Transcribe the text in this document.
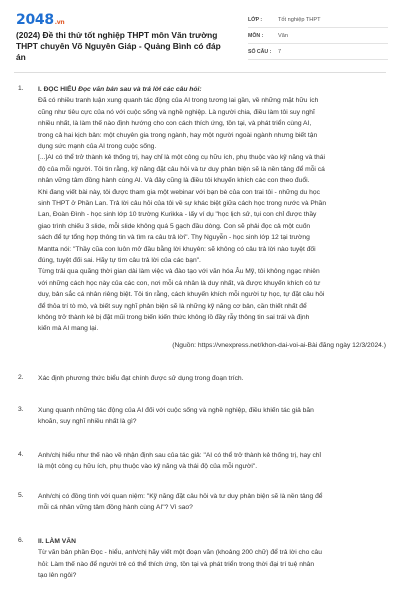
2048.vn
(2024) Đề thi thử tốt nghiệp THPT môn Văn trường THPT chuyên Võ Nguyên Giáp - Quảng Bình có đáp án
LỚP :	Tốt nghiệp THPT
MÔN :	Văn
SỐ CÂU :	7
1. I. ĐỌC HIỂU Đọc văn bản sau và trả lời các câu hỏi:
Đã có nhiều tranh luận xung quanh tác động của AI trong tương lai gần, về những mặt hữu ích
cũng như tiêu cực của nó với cuộc sống và nghề nghiệp. Là người chia, điều làm tôi suy nghĩ
nhiều nhất, là làm thế nào định hướng cho con cách thích ứng, tồn tại, và phát triển cùng AI,
trong cả hai kịch bản: một chuyên gia trong ngành, hay một người ngoài ngành nhưng biết tận
dụng sức mạnh của AI trong cuộc sống.
[...]AI có thể trở thành kẻ thống trị, hay chỉ là một công cụ hữu ích, phụ thuộc vào kỹ năng và thái
độ của mỗi người. Tôi tin rằng, kỹ năng đặt câu hỏi và tư duy phản biện sẽ là nền tảng để mỗi cá
nhân vững tâm đồng hành cùng AI. Và đây cũng là điều tôi khuyến khích các con theo đuổi.
Khi đang viết bài này, tôi được tham gia một webinar với bạn bè của con trai tôi - những du học
sinh THPT ở Phần Lan. Trả lời câu hỏi của tôi về sự khác biệt giữa cách học trong nước và Phần
Lan, Đoàn Đình - học sinh lớp 10 trường Kurikka - lấy ví dụ "học lịch sử, tụi con chỉ được thầy
giao trình chiếu 3 slide, mỗi slide không quá 5 gạch đầu dòng. Con sẽ phải đọc cả một cuốn
sách để tự tổng hợp thông tin và tìm ra câu trả lời". Thy Nguyễn - học sinh lớp 12 tại trường
Mantta nói: "Thầy cũa con luôn mở đầu bằng lời khuyên: sẽ không có câu trả lời nào tuyệt đối
đúng, tuyệt đối sai. Hãy tự tìm câu trả lời của các bạn".
Từng trải qua quãng thời gian dài làm việc và đào tạo với văn hóa Âu Mỹ, tôi không ngạc nhiên
với những cách học này của các con, nơi mỗi cá nhân là duy nhất, và được khuyến khích có tư
duy, bản sắc cá nhân riêng biệt. Tôi tin rằng, cách khuyến khích mỗi người tự học, tự đặt câu hỏi
để thỏa trí tò mò, và biết suy nghĩ phản biện sẽ là những kỹ năng cơ bản, cần thiết nhất để
không trở thành kẻ bị đặt mũi trong biến kiến thức không lồ đầy rẫy thông tin sai trái và định
kiến mà AI mang lại.
(Nguồn: https://vnexpress.net/khon-dai-voi-ai-Bài đăng ngày 12/3/2024.)
2. Xác định phương thức biểu đạt chính được sử dụng trong đoạn trích.
3. Xung quanh những tác động của AI đối với cuộc sống và nghề nghiệp, điều khiến tác giả băn
khoăn, suy nghĩ nhiều nhất là gì?
4. Anh/chị hiểu như thế nào về nhận định sau của tác giả: "AI có thể trở thành kẻ thống trị, hay chỉ
là một công cụ hữu ích, phụ thuộc vào kỹ năng và thái độ của mỗi người".
5. Anh/chị có đồng tình với quan niệm: "Kỹ năng đặt câu hỏi và tư duy phản biện sẽ là nền tảng để
mỗi cá nhân vững tâm đồng hành cùng AI"? Vì sao?
6. II. LÀM VĂN
Từ văn bản phần Đọc - hiểu, anh/chị hãy viết một đoạn văn (khoảng 200 chữ) để trả lời cho câu
hỏi: Làm thế nào để người trẻ có thể thích ứng, tồn tại và phát triển trong thời đại trí tuệ nhân
tạo lên ngôi?
